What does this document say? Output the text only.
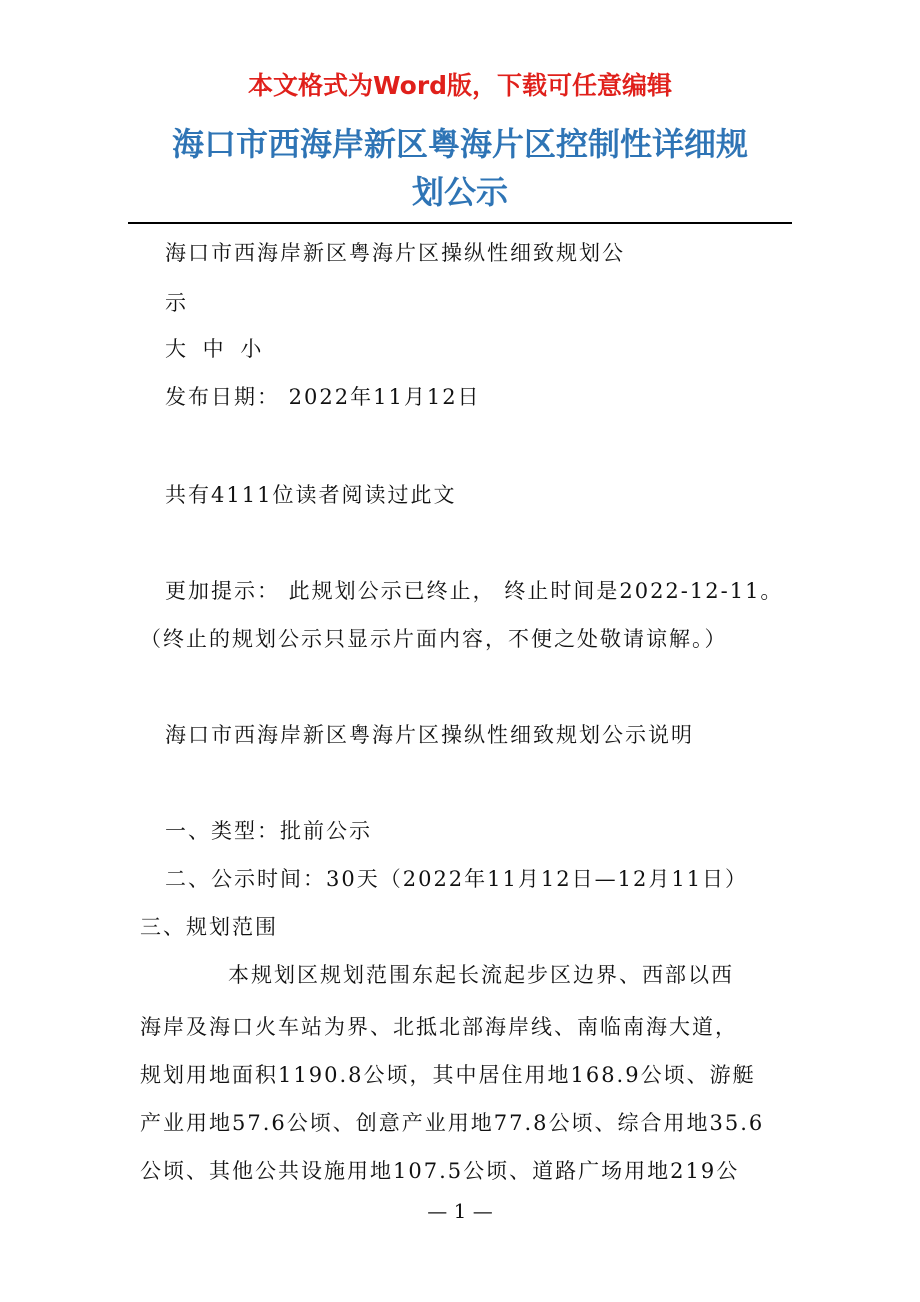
本文格式为Word版，下载可任意编辑
海口市西海岸新区粤海片区控制性详细规
划公示
海口市西海岸新区粤海片区操纵性细致规划公
示
大 中 小
发布日期： 2022年11月12日
共有4111位读者阅读过此文
更加提示： 此规划公示已终止， 终止时间是2022-12-11。
（终止的规划公示只显示片面内容，不便之处敬请谅解。）
海口市西海岸新区粤海片区操纵性细致规划公示说明
一、类型：批前公示
二、公示时间：30天（2022年11月12日—12月11日）
三、规划范围
本规划区规划范围东起长流起步区边界、西部以西
海岸及海口火车站为界、北抵北部海岸线、南临南海大道，
规划用地面积1190.8公顷，其中居住用地168.9公顷、游艇
产业用地57.6公顷、创意产业用地77.8公顷、综合用地35.6
公顷、其他公共设施用地107.5公顷、道路广场用地219公
— 1 —
